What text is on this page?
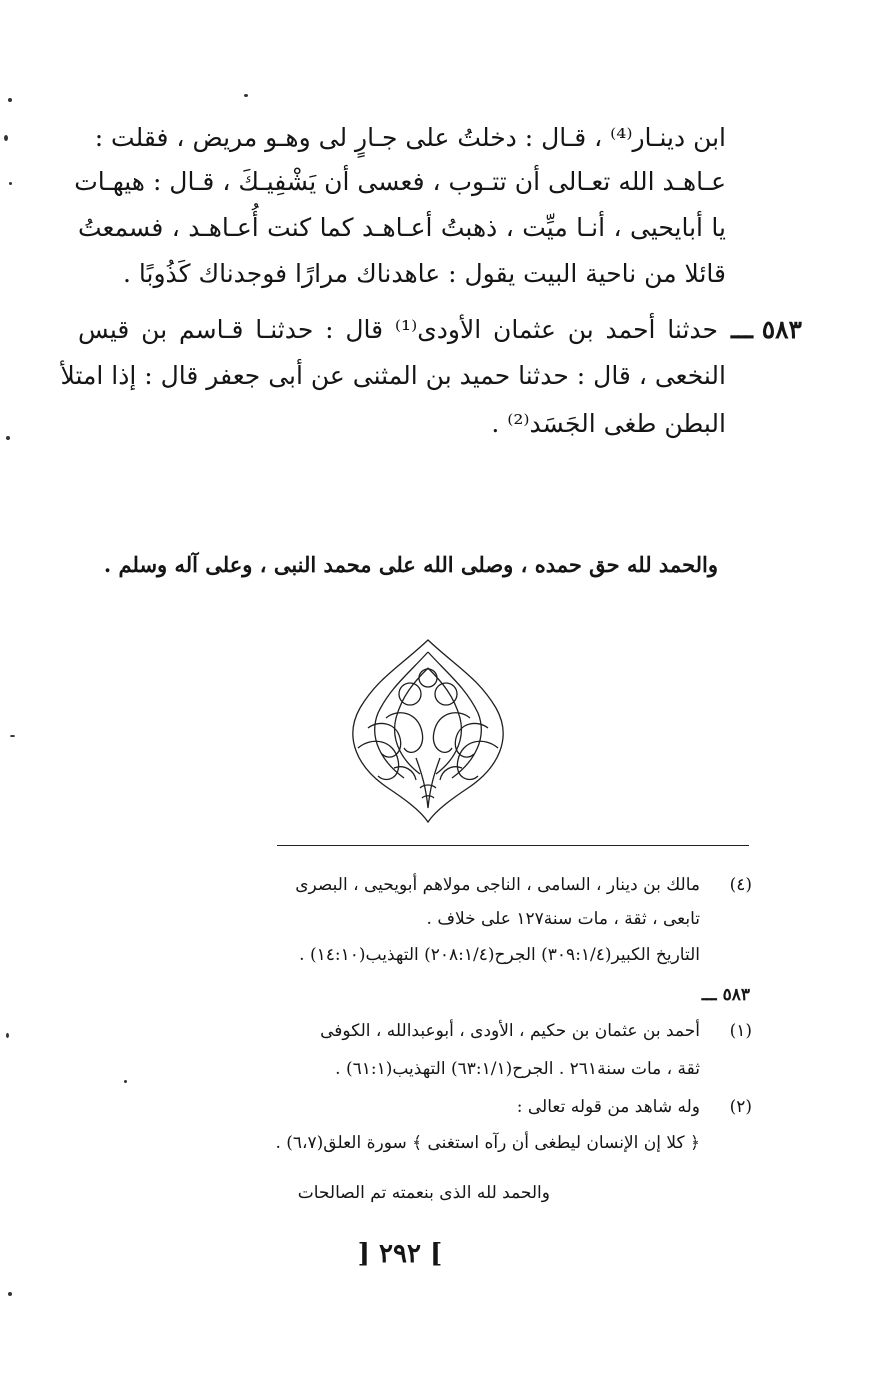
ابن دينـار⁽⁴⁾ ، قـال : دخلتُ على جـارٍ لى وهـو مريض ، فقلت :
عـاهـد الله تعـالى أن تتـوب ، فعسى أن يَشْفِيـكَ ، قـال : هيهـات
يا أبايحيى ، أنـا ميِّت ، ذهبتُ أعـاهـد كما كنت أُعـاهـد ، فسمعتُ
قائلا من ناحية البيت يقول : عاهدناك مرارًا فوجدناك كَذُوبًا .
٥٨٣ ـــ
حدثنا أحمد بن عثمان الأودى⁽¹⁾ قال : حدثنـا قـاسم بن قيس
النخعى ، قال : حدثنا حميد بن المثنى عن أبى جعفر قال : إذا امتلأ
البطن طغى الجَسَد⁽²⁾ .
والحمد لله حق حمده ، وصلى الله على محمد النبى ، وعلى آله وسلم .
(٤)
مالك بن دينار ، السامى ، الناجى مولاهم أبويحيى ، البصرى
تابعى ، ثقة ، مات سنة١٢٧ على خلاف .
التاريخ الكبير(٣٠٩:١/٤) الجرح(٢٠٨:١/٤) التهذيب(١٤:١٠) .
٥٨٣ ـــ
(١)
أحمد بن عثمان بن حكيم ، الأودى ، أبوعبدالله ، الكوفى
ثقة ، مات سنة٢٦١ . الجرح(٦٣:١/١) التهذيب(٦١:١) .
(٢)
وله شاهد من قوله تعالى :
﴿ كلا إن الإنسان ليطغى أن رآه استغنى ﴾ سورة العلق(٦،٧) .
والحمد لله الذى بنعمته تم الصالحات
] ٢٩٢ [
